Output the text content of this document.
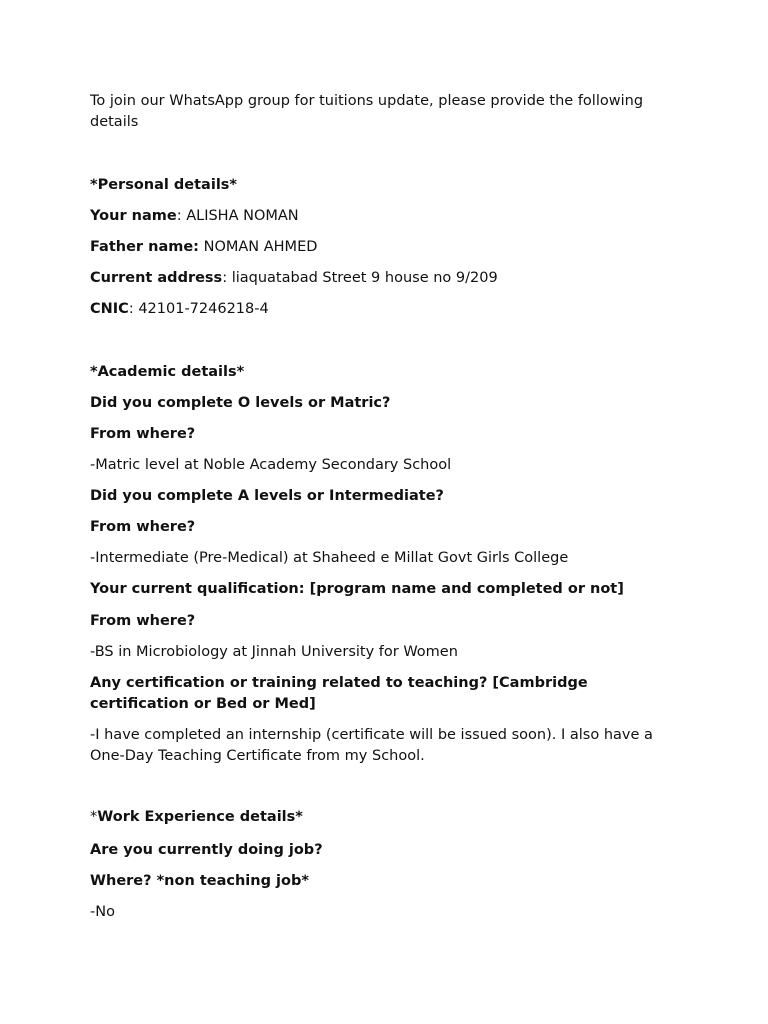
To join our WhatsApp group for tuitions update, please provide the following details
*Personal details*
Your name: ALISHA NOMAN
Father name: NOMAN AHMED
Current address: liaquatabad Street 9 house no 9/209
CNIC: 42101-7246218-4
*Academic details*
Did you complete O levels or Matric?
From where?
-Matric level at Noble Academy Secondary School
Did you complete A levels or Intermediate?
From where?
-Intermediate (Pre-Medical) at Shaheed e Millat Govt Girls College
Your current qualification: [program name and completed or not]
From where?
-BS in Microbiology at Jinnah University for Women
Any certification or training related to teaching? [Cambridge certification or Bed or Med]
-I have completed an internship (certificate will be issued soon). I also have a One-Day Teaching Certificate from my School.
*Work Experience details*
Are you currently doing job?
Where? *non teaching job*
-No
